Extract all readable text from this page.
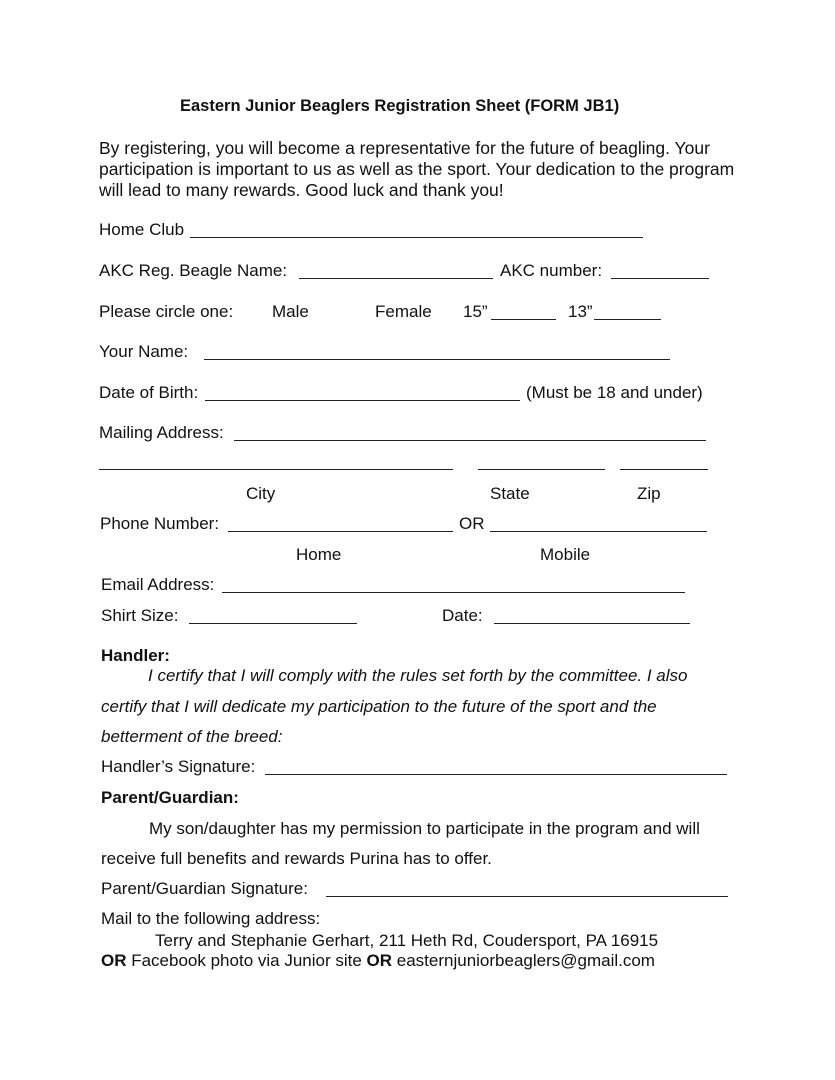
Eastern Junior Beaglers Registration Sheet (FORM JB1)
By registering, you will become a representative for the future of beagling. Your participation is important to us as well as the sport. Your dedication to the program will lead to many rewards. Good luck and thank you!
Home Club
AKC Reg. Beagle Name:	AKC number:
Please circle one: Male	Female 15”	13”
Your Name:
Date of Birth:	(Must be 18 and under)
Mailing Address:
City	State	Zip
Phone Number:	OR
Home	Mobile
Email Address:
Shirt Size:	Date:
Handler:
I certify that I will comply with the rules set forth by the committee. I also
certify that I will dedicate my participation to the future of the sport and the
betterment of the breed:
Handler’s Signature:
Parent/Guardian:
My son/daughter has my permission to participate in the program and will
receive full benefits and rewards Purina has to offer.
Parent/Guardian Signature:
Mail to the following address:
Terry and Stephanie Gerhart, 211 Heth Rd, Coudersport, PA 16915
OR Facebook photo via Junior site OR easternjuniorbeaglers@gmail.com
